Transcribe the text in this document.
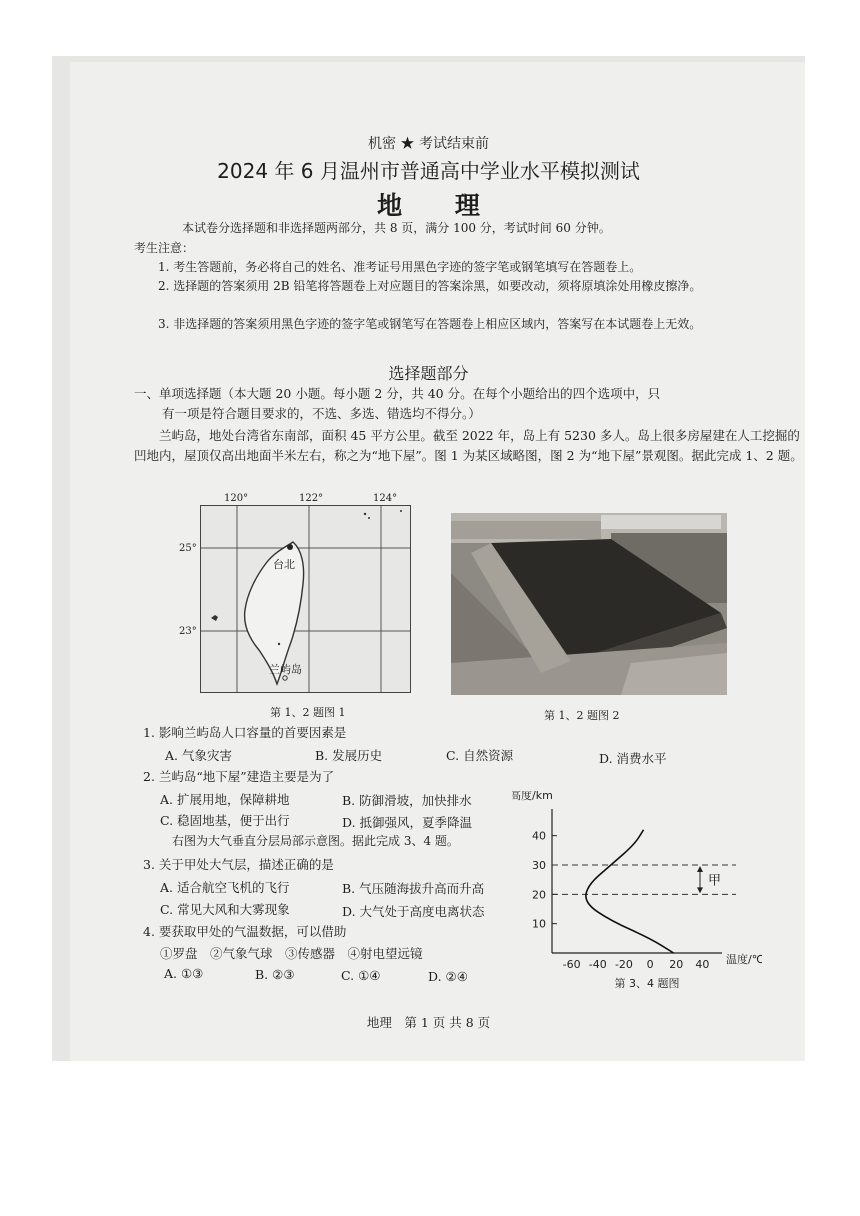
机密 ★ 考试结束前
2024 年 6 月温州市普通高中学业水平模拟测试
地 理
本试卷分选择题和非选择题两部分，共 8 页，满分 100 分，考试时间 60 分钟。
考生注意：
1. 考生答题前，务必将自己的姓名、准考证号用黑色字迹的签字笔或钢笔填写在答题卷上。
2. 选择题的答案须用 2B 铅笔将答题卷上对应题目的答案涂黑，如要改动，须将原填涂处用橡皮擦净。
3. 非选择题的答案须用黑色字迹的签字笔或钢笔写在答题卷上相应区域内，答案写在本试题卷上无效。
选择题部分
一、单项选择题（本大题 20 小题。每小题 2 分，共 40 分。在每个小题给出的四个选项中，只
有一项是符合题目要求的，不选、多选、错选均不得分。）
兰屿岛，地处台湾省东南部，面积 45 平方公里。截至 2022 年，岛上有 5230 多人。岛上很多房屋建在人工挖掘的凹地内，屋顶仅高出地面半米左右，称之为“地下屋”。图 1 为某区域略图，图 2 为“地下屋”景观图。据此完成 1、2 题。
120°	122°	124°
25°
23°
台北
兰屿岛
第 1、2 题图 1	第 1、2 题图 2
1. 影响兰屿岛人口容量的首要因素是
A. 气象灾害	B. 发展历史	C. 自然资源	D. 消费水平
2. 兰屿岛“地下屋”建造主要是为了
A. 扩展用地，保障耕地	B. 防御滑坡，加快排水
C. 稳固地基，便于出行	D. 抵御强风，夏季降温
右图为大气垂直分层局部示意图。据此完成 3、4 题。
3. 关于甲处大气层，描述正确的是
A. 适合航空飞机的飞行	B. 气压随海拔升高而升高
C. 常见大风和大雾现象	D. 大气处于高度电离状态
4. 要获取甲处的气温数据，可以借助
①罗盘　②气象气球　③传感器　④射电望远镜
A. ①③	B. ②③	C. ①④	D. ②④
10
20
30
40
-60 -40 -20 0 20 40
高度/km
温度/℃
甲
第 3、4 题图
地理　第 1 页 共 8 页
